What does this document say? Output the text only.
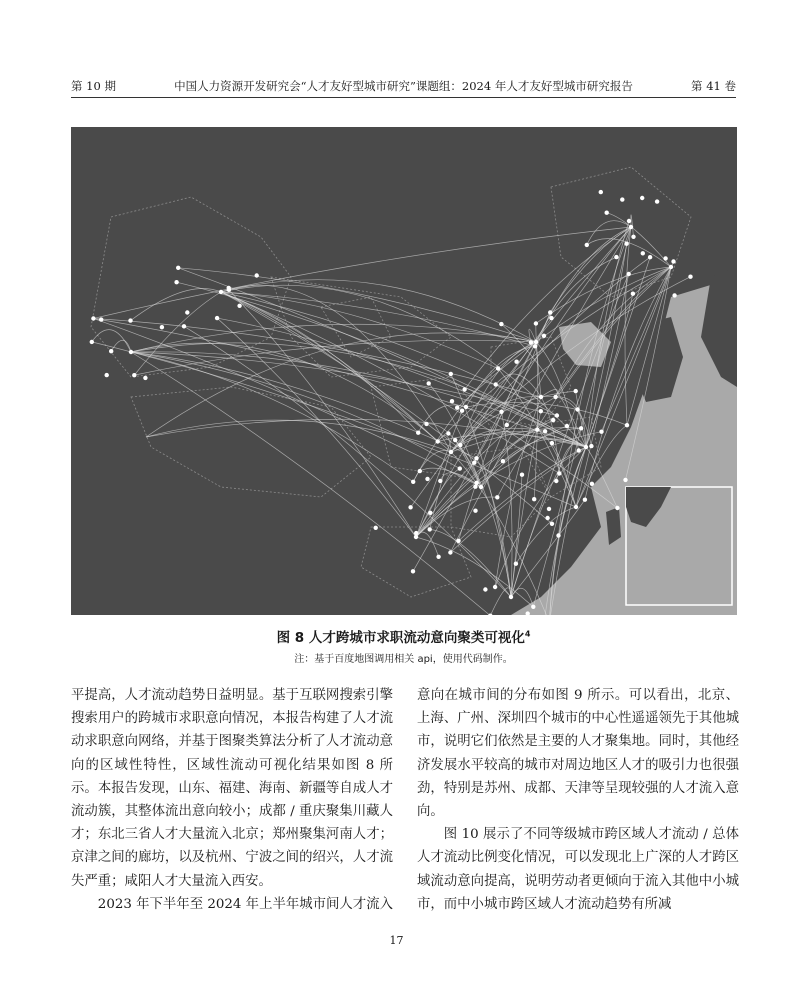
第 10 期	中国人力资源开发研究会“人才友好型城市研究”课题组：2024 年人才友好型城市研究报告	第 41 卷
图 8 人才跨城市求职流动意向聚类可视化$^4$
注：基于百度地图调用相关 api，使用代码制作。

平提高，人才流动趋势日益明显。基于互联网搜索引擎搜索用户的跨城市求职意向情况，本报告构建了人才流动求职意向网络，并基于图聚类算法分析了人才流动意向的区域性特性，区域性流动可视化结果如图 8 所示。本报告发现，山东、福建、海南、新疆等自成人才流动簇，其整体流出意向较小；成都 / 重庆聚集川藏人才；东北三省人才大量流入北京；郑州聚集河南人才；京津之间的廊坊，以及杭州、宁波之间的绍兴，人才流失严重；咸阳人才大量流入西安。

2023 年下半年至 2024 年上半年城市间人才流入

意向在城市间的分布如图 9 所示。可以看出，北京、上海、广州、深圳四个城市的中心性遥遥领先于其他城市，说明它们依然是主要的人才聚集地。同时，其他经济发展水平较高的城市对周边地区人才的吸引力也很强劲，特别是苏州、成都、天津等呈现较强的人才流入意向。

图 10 展示了不同等级城市跨区域人才流动 / 总体人才流动比例变化情况，可以发现北上广深的人才跨区域流动意向提高，说明劳动者更倾向于流入其他中小城市，而中小城市跨区域人才流动趋势有所减

17
